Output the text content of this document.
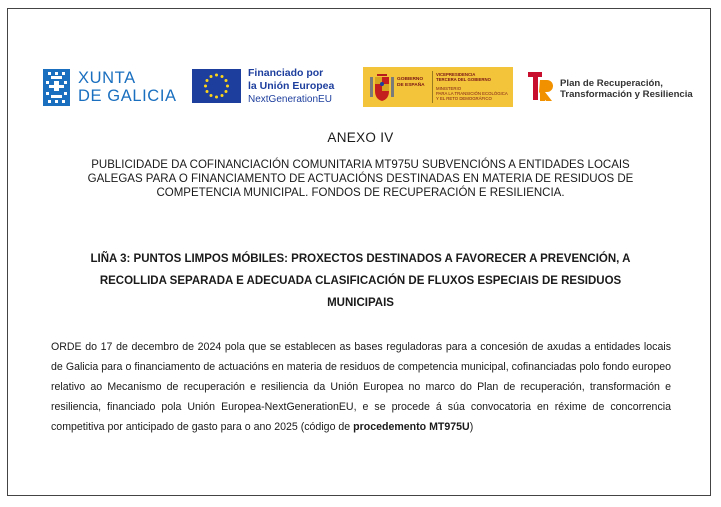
XUNTA
DE GALICIA
Financiado por
la Unión Europea
NextGenerationEU
GOBIERNO
DE ESPAÑA
VICEPRESIDENCIA
TERCERA DEL GOBIERNO
MINISTERIO
PARA LA TRANSICIÓN ECOLÓGICA
Y EL RETO DEMOGRÁFICO
Plan de Recuperación,
Transformación y Resiliencia
ANEXO IV
PUBLICIDADE DA COFINANCIACIÓN COMUNITARIA MT975U SUBVENCIÓNS A ENTIDADES LOCAIS
GALEGAS PARA O FINANCIAMENTO DE ACTUACIÓNS DESTINADAS EN MATERIA DE RESIDUOS DE
COMPETENCIA MUNICIPAL. FONDOS DE RECUPERACIÓN E RESILIENCIA.
LIÑA 3: PUNTOS LIMPOS MÓBILES: PROXECTOS DESTINADOS A FAVORECER A PREVENCIÓN, A
RECOLLIDA SEPARADA E ADECUADA CLASIFICACIÓN DE FLUXOS ESPECIAIS DE RESIDUOS
MUNICIPAIS
ORDE do 17 de decembro de 2024 pola que se establecen as bases reguladoras para a concesión de axudas a entidades locais de Galicia para o financiamento de actuacións en materia de residuos de competencia municipal, cofinanciadas polo fondo europeo relativo ao Mecanismo de recuperación e resiliencia da Unión Europea no marco do Plan de recuperación, transformación e resiliencia, financiado pola Unión Europea-NextGenerationEU, e se procede á súa convocatoria en réxime de concorrencia competitiva por anticipado de gasto para o ano 2025 (código de procedemento MT975U)
